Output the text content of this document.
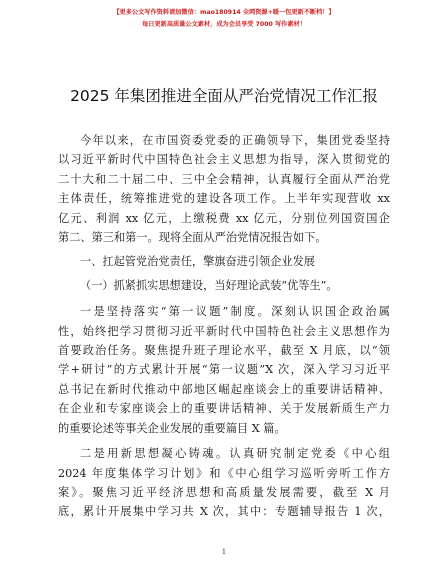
【更多公文写作资料请加微信：mao180914 全网资源+暖一包更新不断档！】
每日更新高质量公文素材，成为会员享受 7000 写作素材！
2025 年集团推进全面从严治党情况工作汇报
今年以来，在市国资委党委的正确领导下，集团党委坚持
以习近平新时代中国特色社会主义思想为指导，深入贯彻党的
二十大和二十届二中、三中全会精神，认真履行全面从严治党
主体责任，统筹推进党的建设各项工作。上半年实现营收 xx
亿元、利润 xx 亿元，上缴税费 xx 亿元，分别位列国资国企
第二、第三和第一。现将全面从严治党情况报告如下。
一、扛起管党治党责任，擎旗奋进引领企业发展
（一）抓紧抓实思想建设，当好理论武装“优等生”。
一是坚持落实“第一议题”制度。深刻认识国企政治属
性，始终把学习贯彻习近平新时代中国特色社会主义思想作为
首要政治任务。聚焦提升班子理论水平，截至 X 月底，以“领
学+研讨”的方式累计开展“第一议题”X 次，深入学习习近平
总书记在新时代推动中部地区崛起座谈会上的重要讲话精神、
在企业和专家座谈会上的重要讲话精神、关于发展新质生产力
的重要论述等事关企业发展的重要篇目 X 篇。
二是用新思想凝心铸魂。认真研究制定党委《中心组
2024 年度集体学习计划》和《中心组学习巡听旁听工作方
案》。聚焦习近平经济思想和高质量发展需要，截至 X 月
底，累计开展集中学习共 X 次，其中：专题辅导报告 1 次，
1
